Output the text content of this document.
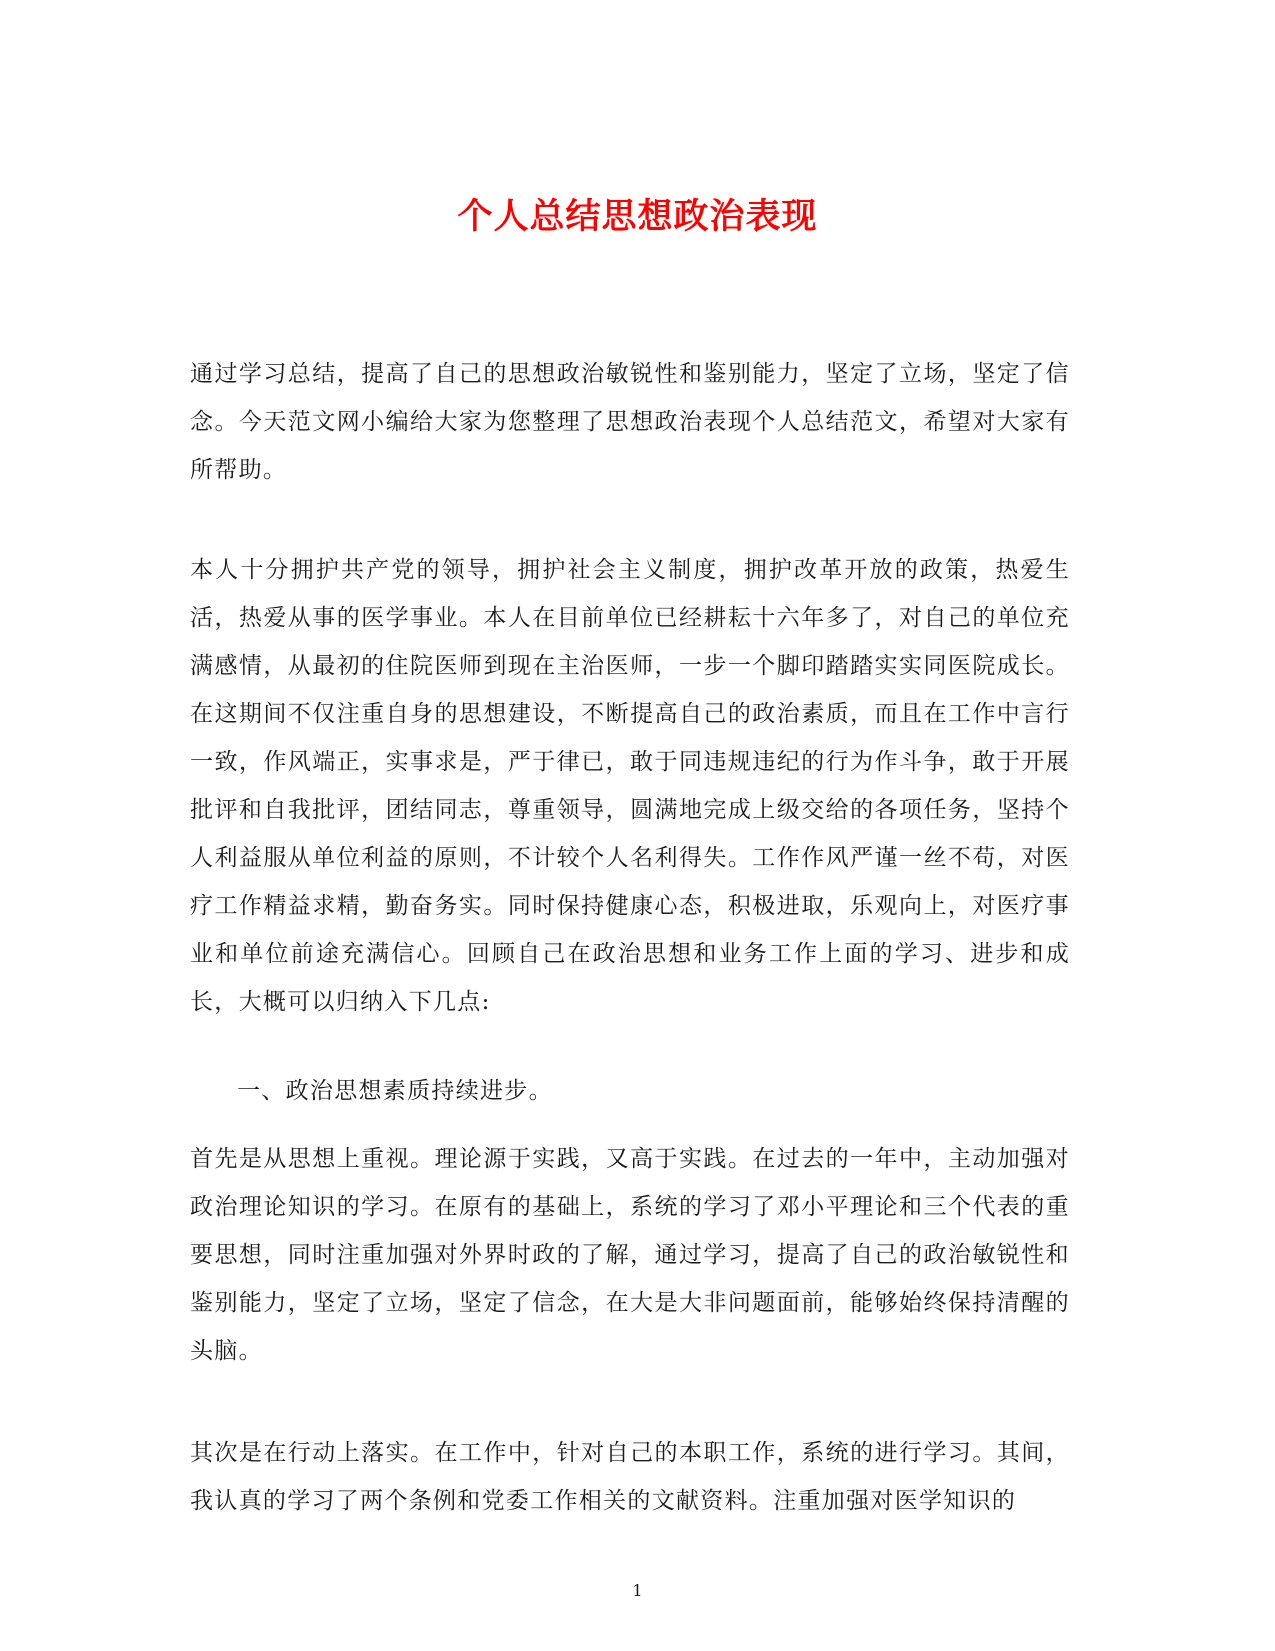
个人总结思想政治表现

通过学习总结，提高了自己的思想政治敏锐性和鉴别能力，坚定了立场，坚定了信念。今天范文网小编给大家为您整理了思想政治表现个人总结范文，希望对大家有所帮助。

本人十分拥护共产党的领导，拥护社会主义制度，拥护改革开放的政策，热爱生活，热爱从事的医学事业。本人在目前单位已经耕耘十六年多了，对自己的单位充满感情，从最初的住院医师到现在主治医师，一步一个脚印踏踏实实同医院成长。在这期间不仅注重自身的思想建设，不断提高自己的政治素质，而且在工作中言行一致，作风端正，实事求是，严于律已，敢于同违规违纪的行为作斗争，敢于开展批评和自我批评，团结同志，尊重领导，圆满地完成上级交给的各项任务，坚持个人利益服从单位利益的原则，不计较个人名利得失。工作作风严谨一丝不苟，对医疗工作精益求精，勤奋务实。同时保持健康心态，积极进取，乐观向上，对医疗事业和单位前途充满信心。回顾自己在政治思想和业务工作上面的学习、进步和成长，大概可以归纳入下几点:

一、政治思想素质持续进步。

首先是从思想上重视。理论源于实践，又高于实践。在过去的一年中，主动加强对政治理论知识的学习。在原有的基础上，系统的学习了邓小平理论和三个代表的重要思想，同时注重加强对外界时政的了解，通过学习，提高了自己的政治敏锐性和鉴别能力，坚定了立场，坚定了信念，在大是大非问题面前，能够始终保持清醒的头脑。

其次是在行动上落实。在工作中，针对自己的本职工作，系统的进行学习。其间，我认真的学习了两个条例和党委工作相关的文献资料。注重加强对医学知识的

1
